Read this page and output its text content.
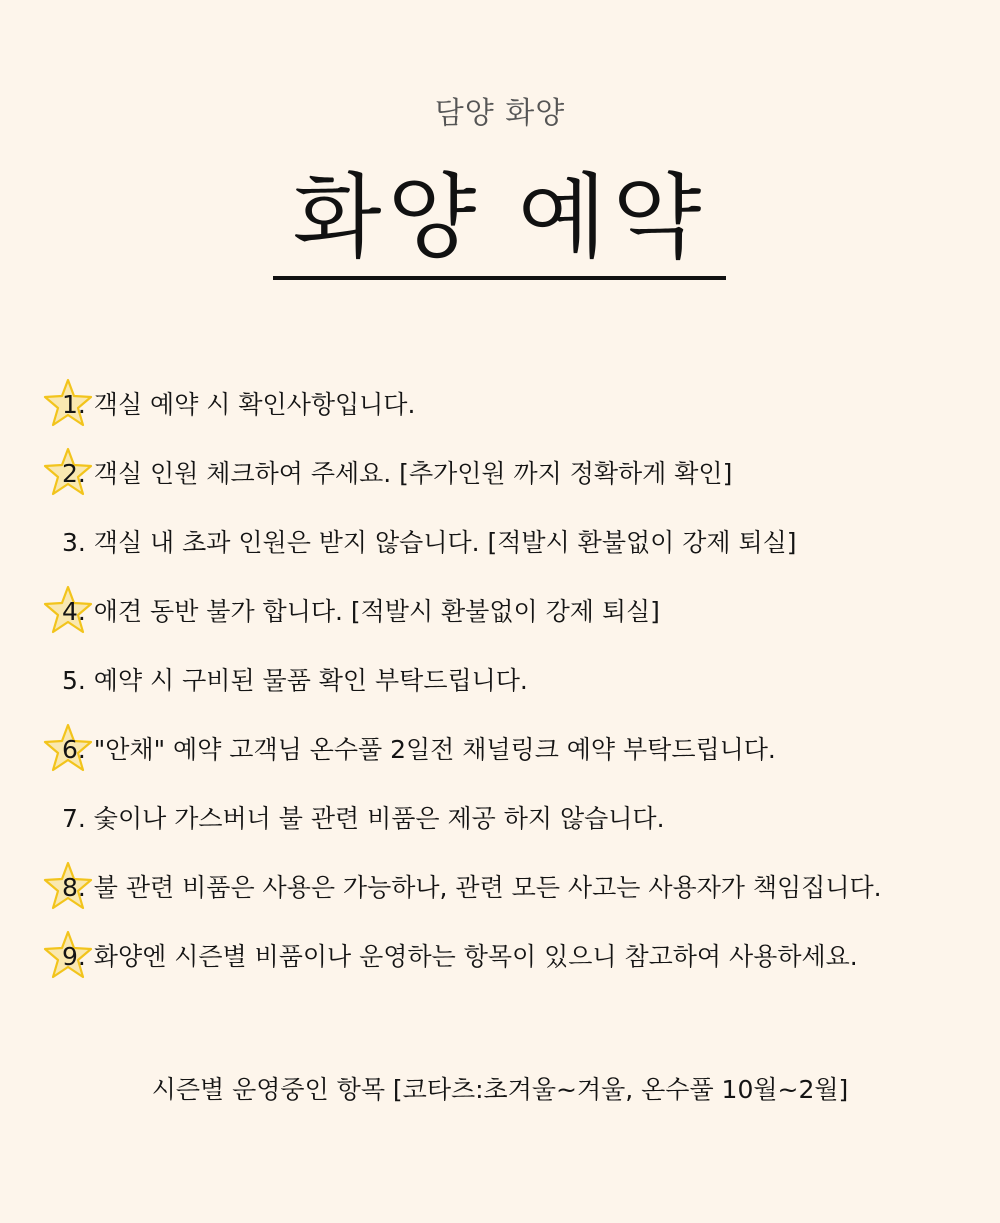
담양 화양
화양 예약
1. 객실 예약 시 확인사항입니다.
2. 객실 인원 체크하여 주세요. [추가인원 까지 정확하게 확인]
3. 객실 내 초과 인원은 받지 않습니다. [적발시 환불없이 강제 퇴실]
4. 애견 동반 불가 합니다. [적발시 환불없이 강제 퇴실]
5. 예약 시 구비된 물품 확인 부탁드립니다.
6. "안채" 예약 고객님 온수풀 2일전 채널링크 예약 부탁드립니다.
7. 숯이나 가스버너 불 관련 비품은 제공 하지 않습니다.
8. 불 관련 비품은 사용은 가능하나, 관련 모든 사고는 사용자가 책임집니다.
9. 화양엔 시즌별 비품이나 운영하는 항목이 있으니 참고하여 사용하세요.
시즌별 운영중인 항목 [코타츠:초겨울~겨울, 온수풀 10월~2월]
